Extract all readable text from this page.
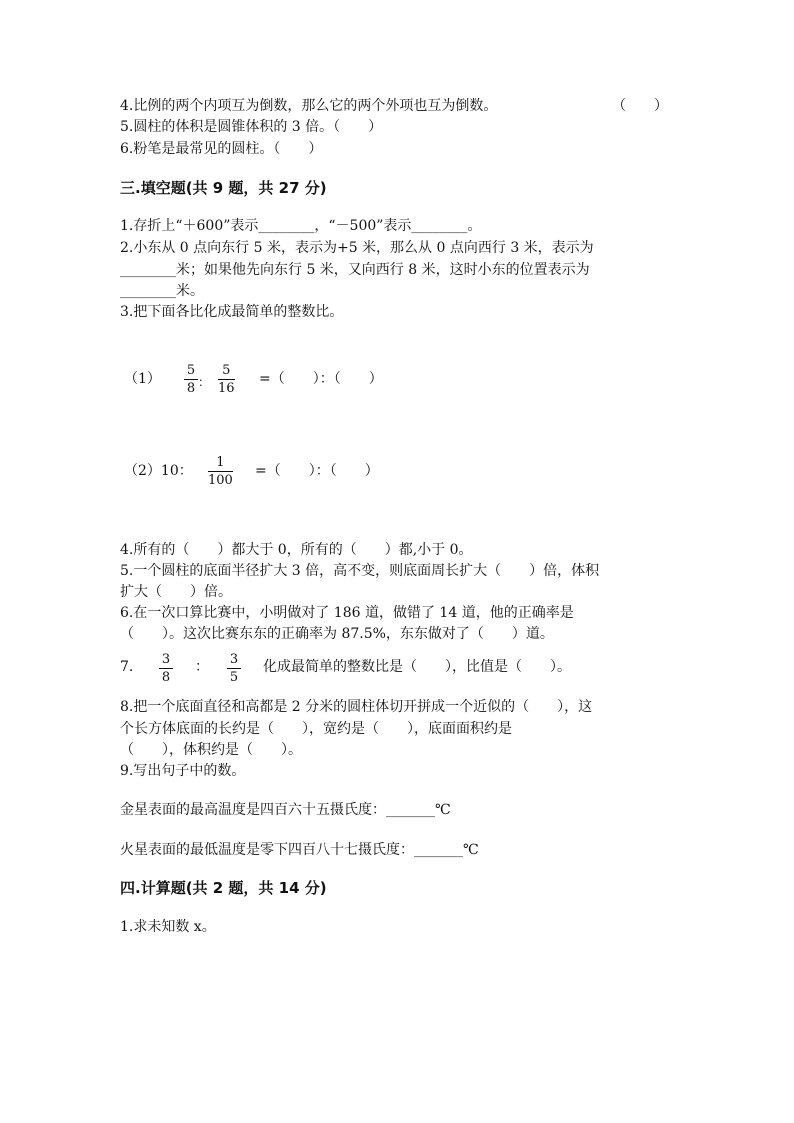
4.比例的两个内项互为倒数，那么它的两个外项也互为倒数。	（　　）
5.圆柱的体积是圆锥体积的 3 倍。（　　）
6.粉笔是最常见的圆柱。（　　）
三.填空题(共 9 题，共 27 分)
1.存折上“＋600”表示________，“－500”表示________。
2.小东从 0 点向东行 5 米，表示为+5 米，那么从 0 点向西行 3 米，表示为
________米；如果他先向东行 5 米，又向西行 8 米，这时小东的位置表示为
________米。
3.把下面各比化成最简单的整数比。
（1）
5
8 ：
5
16
=（　　）：（　　）
（2）10：
1
100
=（　　）：（　　）
4.所有的（　　）都大于 0，所有的（　　）都,小于 0。
5.一个圆柱的底面半径扩大 3 倍，高不变，则底面周长扩大（　　）倍，体积
扩大（　　）倍。
6.在一次口算比赛中，小明做对了 186 道，做错了 14 道，他的正确率是
（　　）。这次比赛东东的正确率为 87.5%，东东做对了（　　）道。
7. 3
8
： 3
5
化成最简单的整数比是（　　），比值是（　　）。
8.把一个底面直径和高都是 2 分米的圆柱体切开拼成一个近似的（　　），这
个长方体底面的长约是（　　），宽约是（　　），底面面积约是
（　　），体积约是（　　）。
9.写出句子中的数。
金星表面的最高温度是四百六十五摄氏度：_______℃
火星表面的最低温度是零下四百八十七摄氏度：_______℃
四.计算题(共 2 题，共 14 分)
1.求未知数 x。
